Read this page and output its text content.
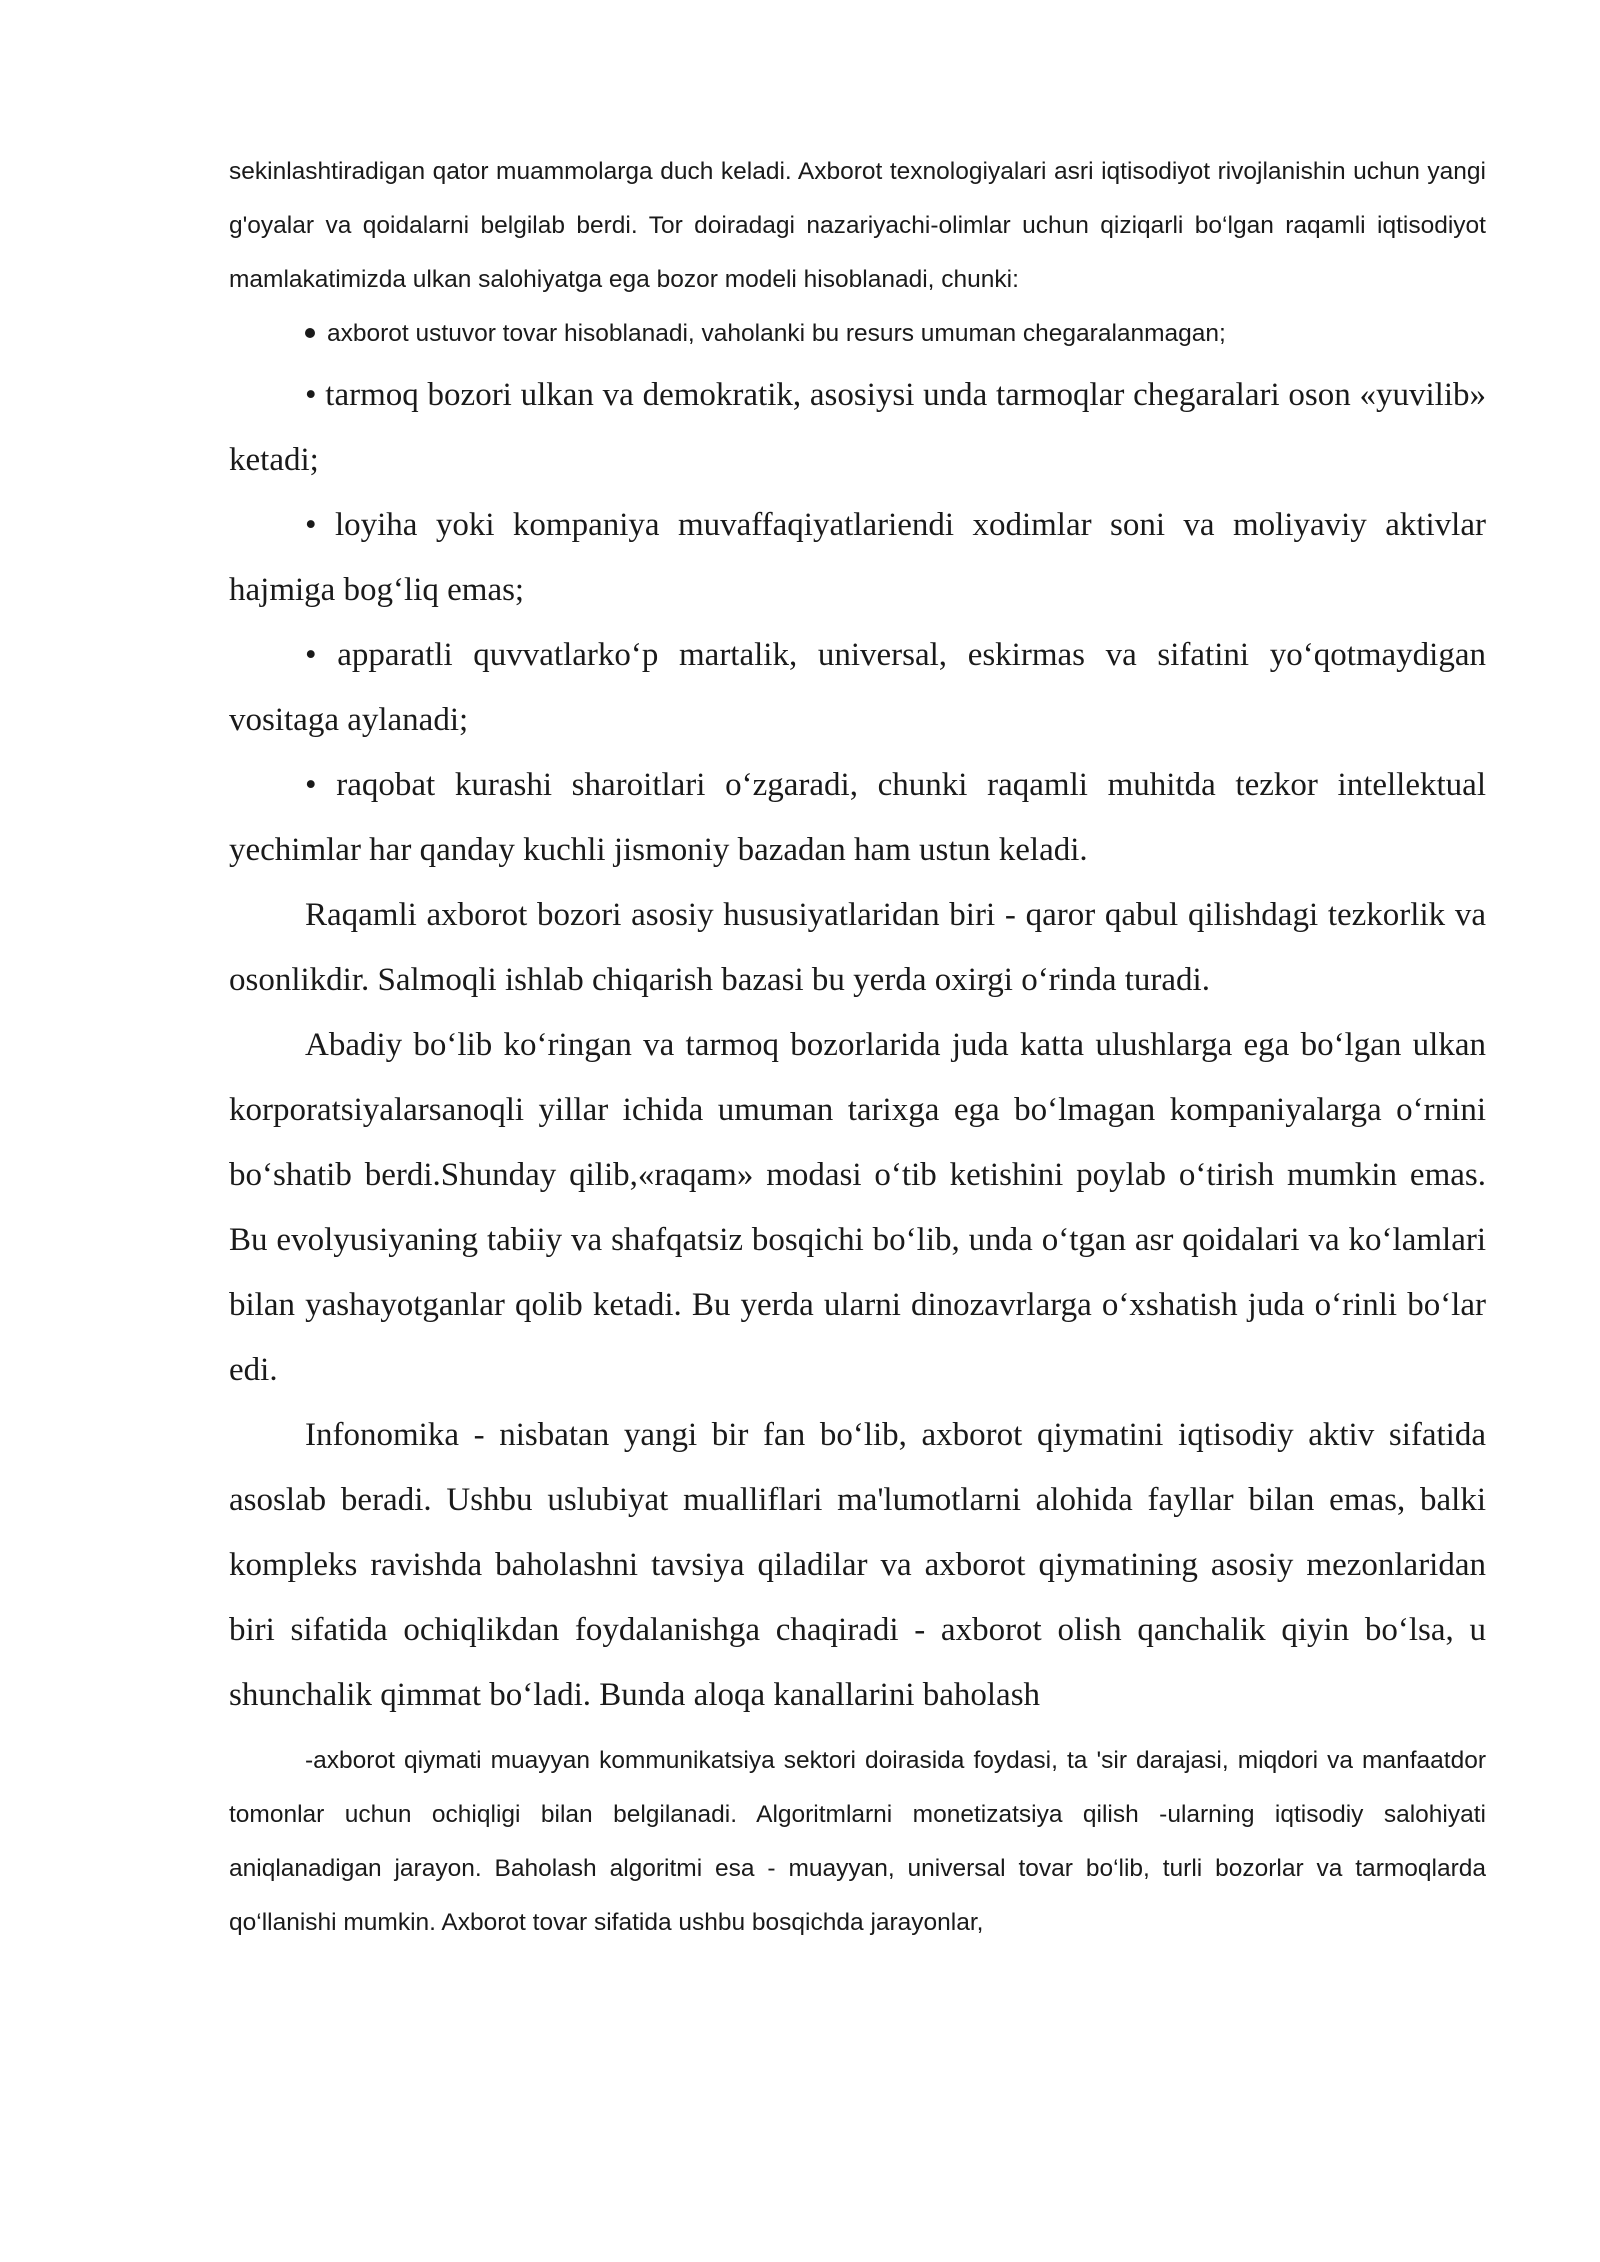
sekinlashtiradigan qator muammolarga duch keladi. Axborot texnologiyalari asri iqtisodiyot rivojlanishin uchun yangi g'oyalar va qoidalarni belgilab berdi. Tor doiradagi nazariyachi-olimlar uchun qiziqarli bo‘lgan raqamli iqtisodiyot mamlakatimizda ulkan salohiyatga ega bozor modeli hisoblanadi, chunki:

axborot ustuvor tovar hisoblanadi, vaholanki bu resurs umuman chegaralanmagan;

• tarmoq bozori ulkan va demokratik, asosiysi unda tarmoqlar chegaralari oson «yuvilib» ketadi;

• loyiha yoki kompaniya muvaffaqiyatlariendi xodimlar soni va moliyaviy aktivlar hajmiga bog‘liq emas;

• apparatli quvvatlarko‘p martalik, universal, eskirmas va sifatini yo‘qotmaydigan vositaga aylanadi;

• raqobat kurashi sharoitlari o‘zgaradi, chunki raqamli muhitda tezkor intellektual yechimlar har qanday kuchli jismoniy bazadan ham ustun keladi.

Raqamli axborot bozori asosiy hususiyatlaridan biri - qaror qabul qilishdagi tezkorlik va osonlikdir. Salmoqli ishlab chiqarish bazasi bu yerda oxirgi o‘rinda turadi.

Abadiy bo‘lib ko‘ringan va tarmoq bozorlarida juda katta ulushlarga ega bo‘lgan ulkan korporatsiyalarsanoqli yillar ichida umuman tarixga ega bo‘lmagan kompaniyalarga o‘rnini bo‘shatib berdi.Shunday qilib,«raqam» modasi o‘tib ketishini poylab o‘tirish mumkin emas. Bu evolyusiyaning tabiiy va shafqatsiz bosqichi bo‘lib, unda o‘tgan asr qoidalari va ko‘lamlari bilan yashayotganlar qolib ketadi. Bu yerda ularni dinozavrlarga o‘xshatish juda o‘rinli bo‘lar edi.

Infonomika - nisbatan yangi bir fan bo‘lib, axborot qiymatini iqtisodiy aktiv sifatida asoslab beradi. Ushbu uslubiyat mualliflari ma'lumotlarni alohida fayllar bilan emas, balki kompleks ravishda baholashni tavsiya qiladilar va axborot qiymatining asosiy mezonlaridan biri sifatida ochiqlikdan foydalanishga chaqiradi - axborot olish qanchalik qiyin bo‘lsa, u shunchalik qimmat bo‘ladi. Bunda aloqa kanallarini baholash

-axborot qiymati muayyan kommunikatsiya sektori doirasida foydasi, ta 'sir darajasi, miqdori va manfaatdor tomonlar uchun ochiqligi bilan belgilanadi. Algoritmlarni monetizatsiya qilish -ularning iqtisodiy salohiyati aniqlanadigan jarayon. Baholash algoritmi esa - muayyan, universal tovar bo‘lib, turli bozorlar va tarmoqlarda qo‘llanishi mumkin. Axborot tovar sifatida ushbu bosqichda jarayonlar,
